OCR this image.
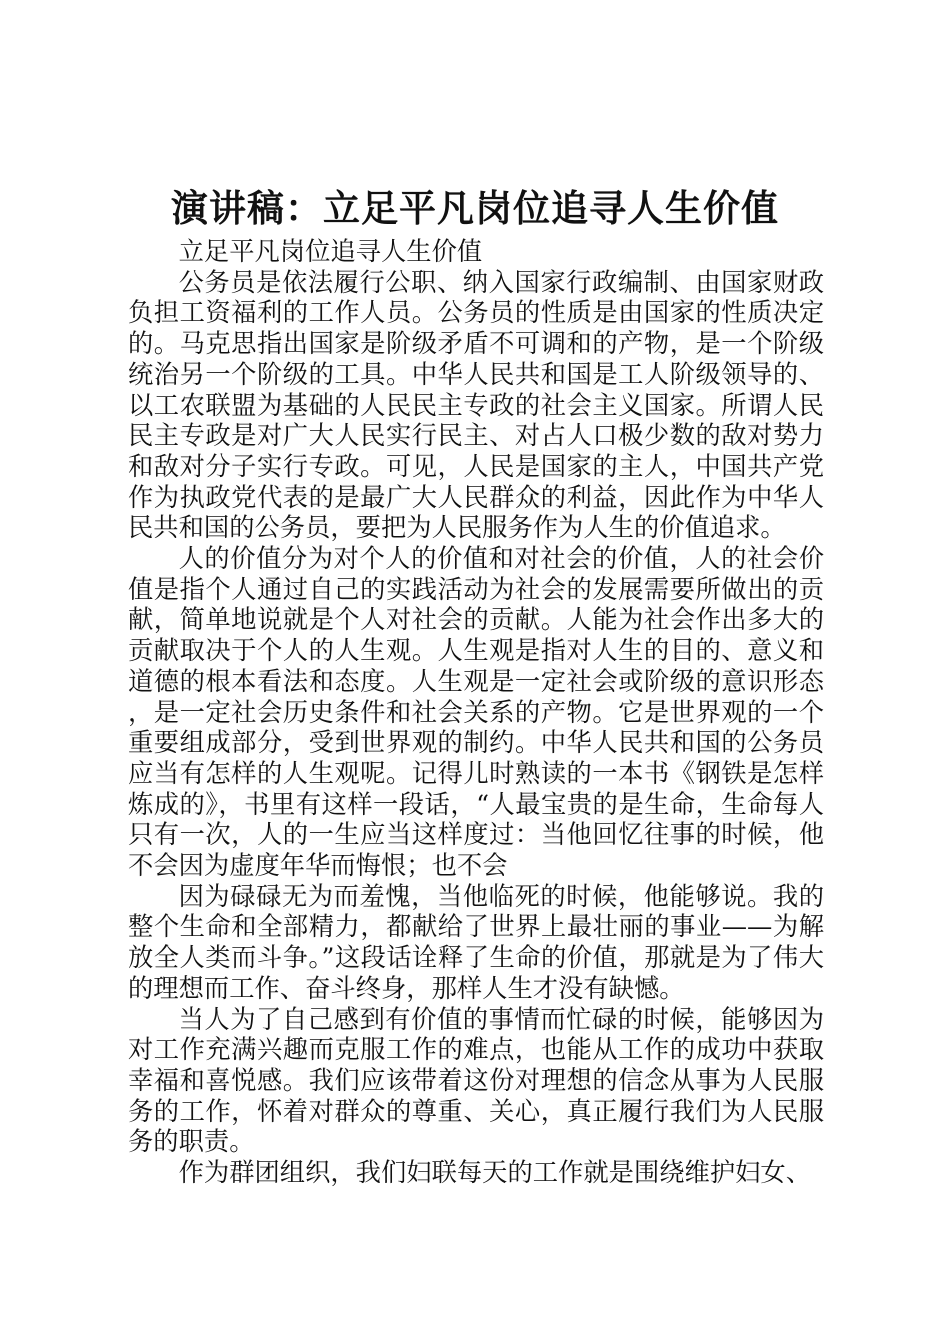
演讲稿：立足平凡岗位追寻人生价值

立足平凡岗位追寻人生价值

公务员是依法履行公职、纳入国家行政编制、由国家财政负担工资福利的工作人员。公务员的性质是由国家的性质决定的。马克思指出国家是阶级矛盾不可调和的产物，是一个阶级统治另一个阶级的工具。中华人民共和国是工人阶级领导的、以工农联盟为基础的人民民主专政的社会主义国家。所谓人民民主专政是对广大人民实行民主、对占人口极少数的敌对势力和敌对分子实行专政。可见，人民是国家的主人，中国共产党作为执政党代表的是最广大人民群众的利益，因此作为中华人民共和国的公务员，要把为人民服务作为人生的价值追求。

人的价值分为对个人的价值和对社会的价值，人的社会价值是指个人通过自己的实践活动为社会的发展需要所做出的贡献，简单地说就是个人对社会的贡献。人能为社会作出多大的贡献取决于个人的人生观。人生观是指对人生的目的、意义和道德的根本看法和态度。人生观是一定社会或阶级的意识形态，是一定社会历史条件和社会关系的产物。它是世界观的一个重要组成部分，受到世界观的制约。中华人民共和国的公务员应当有怎样的人生观呢。记得儿时熟读的一本书《钢铁是怎样炼成的》，书里有这样一段话，“人最宝贵的是生命，生命每人只有一次，人的一生应当这样度过：当他回忆往事的时候，他不会因为虚度年华而悔恨；也不会

因为碌碌无为而羞愧，当他临死的时候，他能够说。我的整个生命和全部精力，都献给了世界上最壮丽的事业——为解放全人类而斗争。”这段话诠释了生命的价值，那就是为了伟大的理想而工作、奋斗终身，那样人生才没有缺憾。

当人为了自己感到有价值的事情而忙碌的时候，能够因为对工作充满兴趣而克服工作的难点，也能从工作的成功中获取幸福和喜悦感。我们应该带着这份对理想的信念从事为人民服务的工作，怀着对群众的尊重、关心，真正履行我们为人民服务的职责。

作为群团组织，我们妇联每天的工作就是围绕维护妇女、
